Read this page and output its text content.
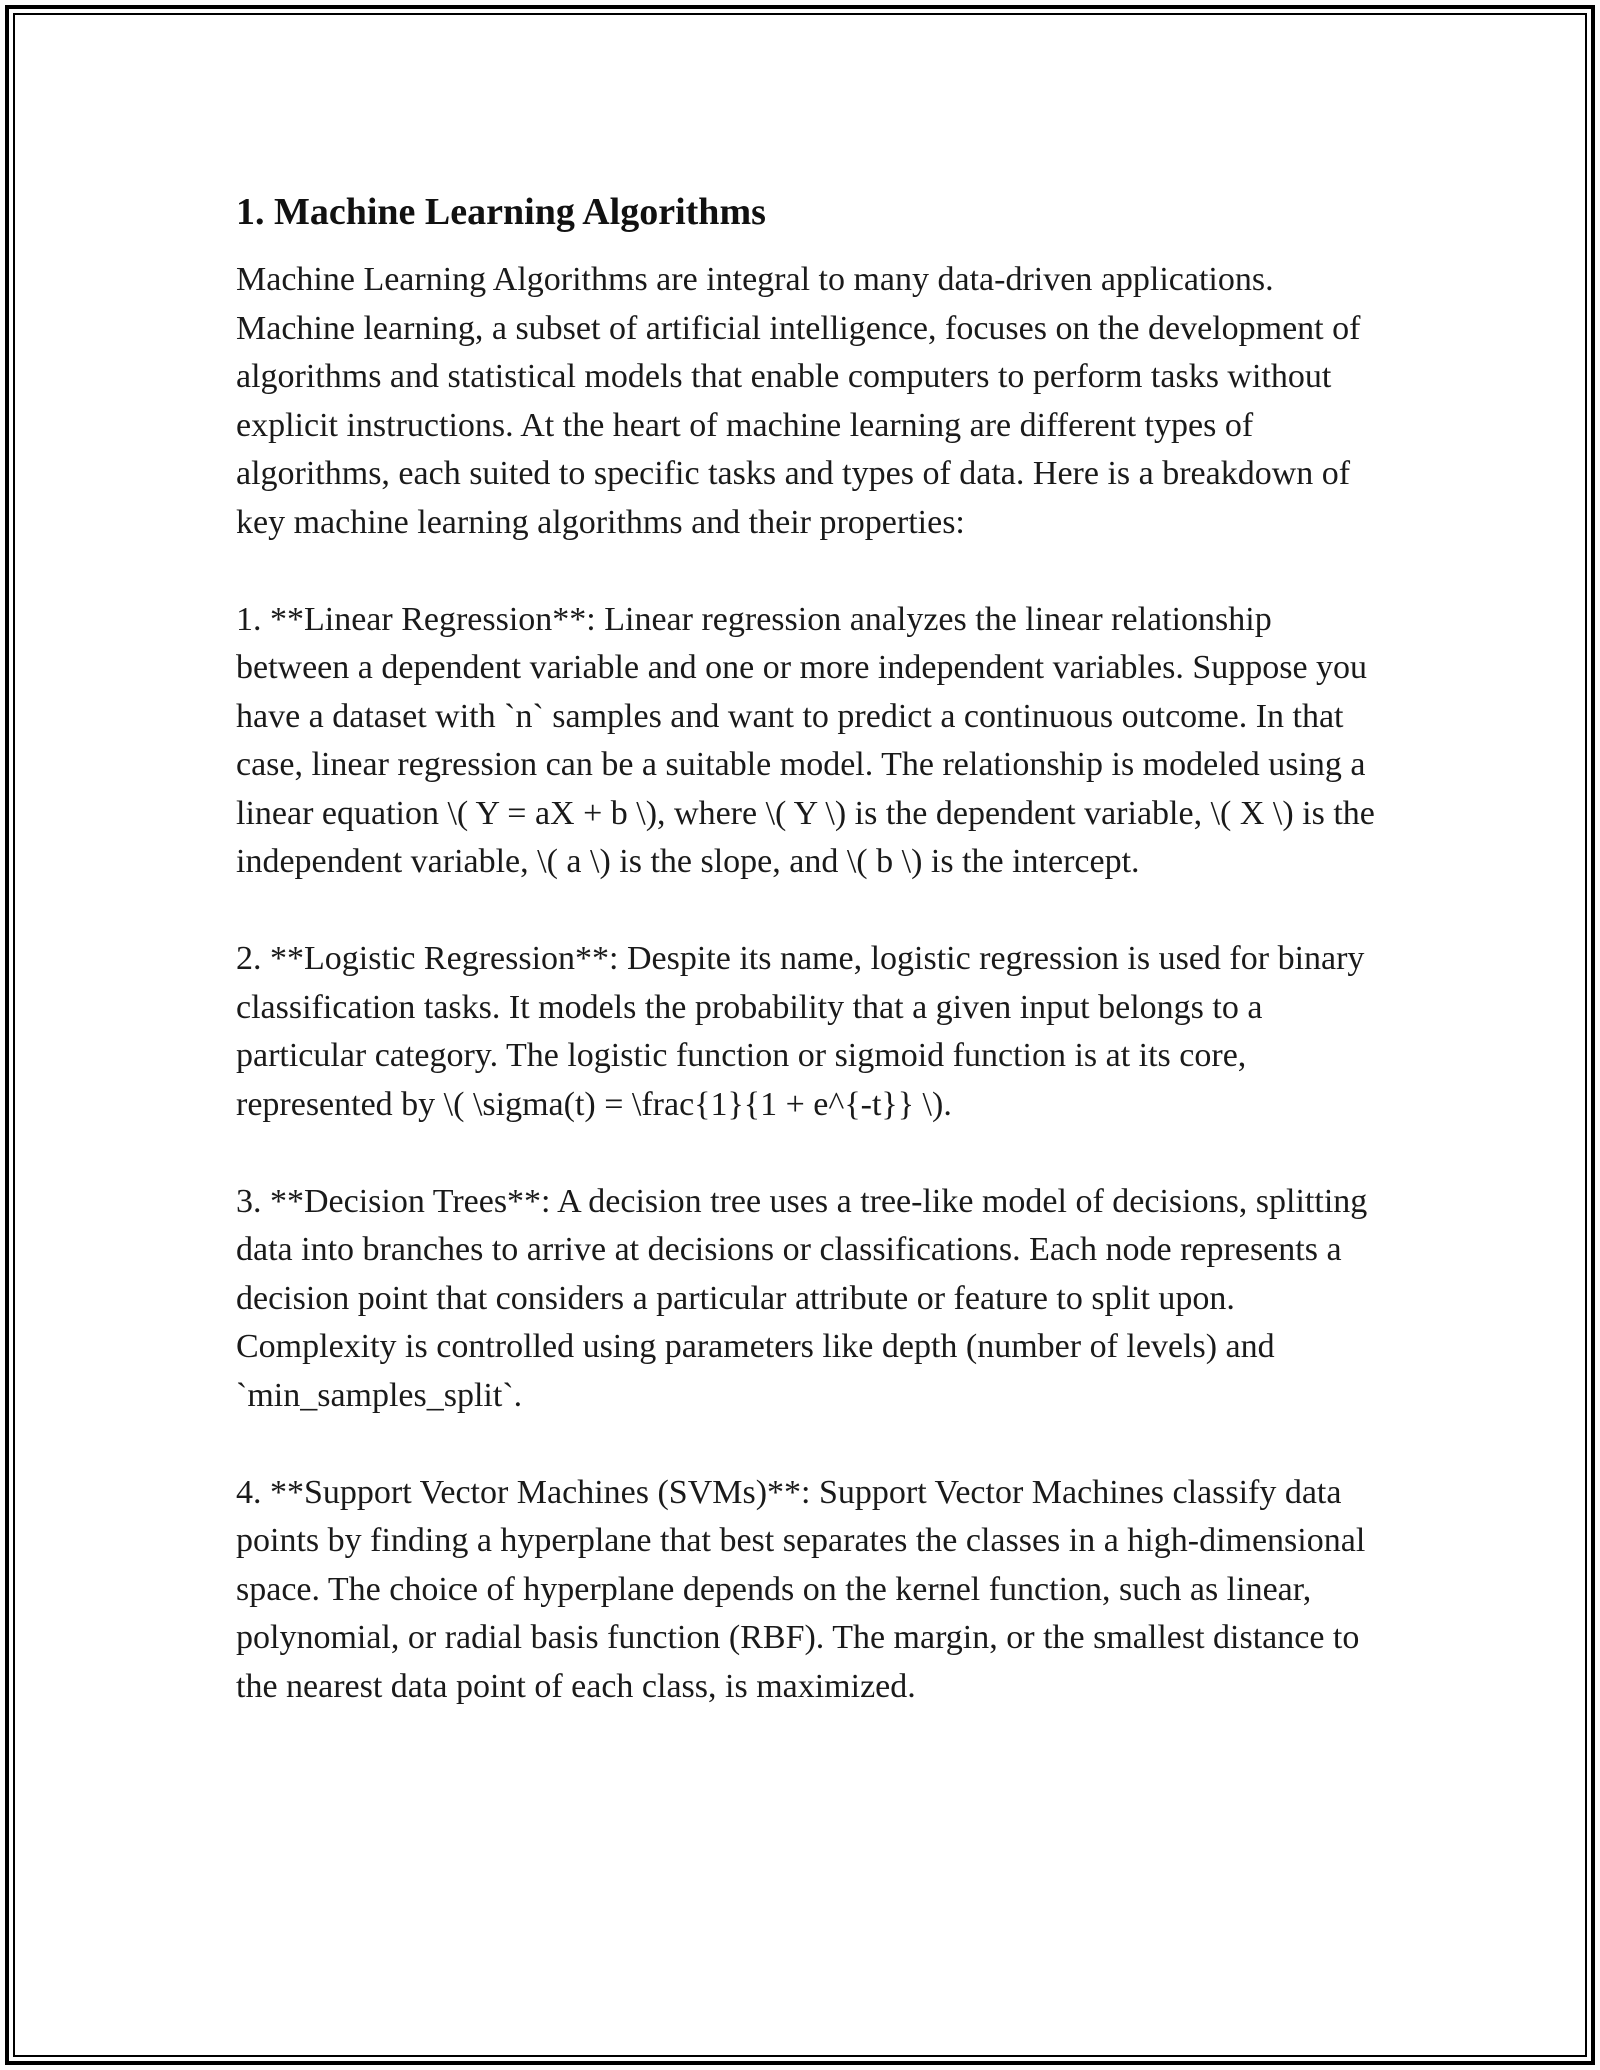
1. Machine Learning Algorithms

Machine Learning Algorithms are integral to many data-driven applications. Machine learning, a subset of artificial intelligence, focuses on the development of algorithms and statistical models that enable computers to perform tasks without explicit instructions. At the heart of machine learning are different types of algorithms, each suited to specific tasks and types of data. Here is a breakdown of key machine learning algorithms and their properties:

1. **Linear Regression**: Linear regression analyzes the linear relationship between a dependent variable and one or more independent variables. Suppose you have a dataset with `n` samples and want to predict a continuous outcome. In that case, linear regression can be a suitable model. The relationship is modeled using a linear equation \( Y = aX + b \), where \( Y \) is the dependent variable, \( X \) is the independent variable, \( a \) is the slope, and \( b \) is the intercept.

2. **Logistic Regression**: Despite its name, logistic regression is used for binary classification tasks. It models the probability that a given input belongs to a particular category. The logistic function or sigmoid function is at its core, represented by \( \sigma(t) = \frac{1}{1 + e^{-t}} \).

3. **Decision Trees**: A decision tree uses a tree-like model of decisions, splitting data into branches to arrive at decisions or classifications. Each node represents a decision point that considers a particular attribute or feature to split upon. Complexity is controlled using parameters like depth (number of levels) and `min_samples_split`.

4. **Support Vector Machines (SVMs)**: Support Vector Machines classify data points by finding a hyperplane that best separates the classes in a high-dimensional space. The choice of hyperplane depends on the kernel function, such as linear, polynomial, or radial basis function (RBF). The margin, or the smallest distance to the nearest data point of each class, is maximized.
